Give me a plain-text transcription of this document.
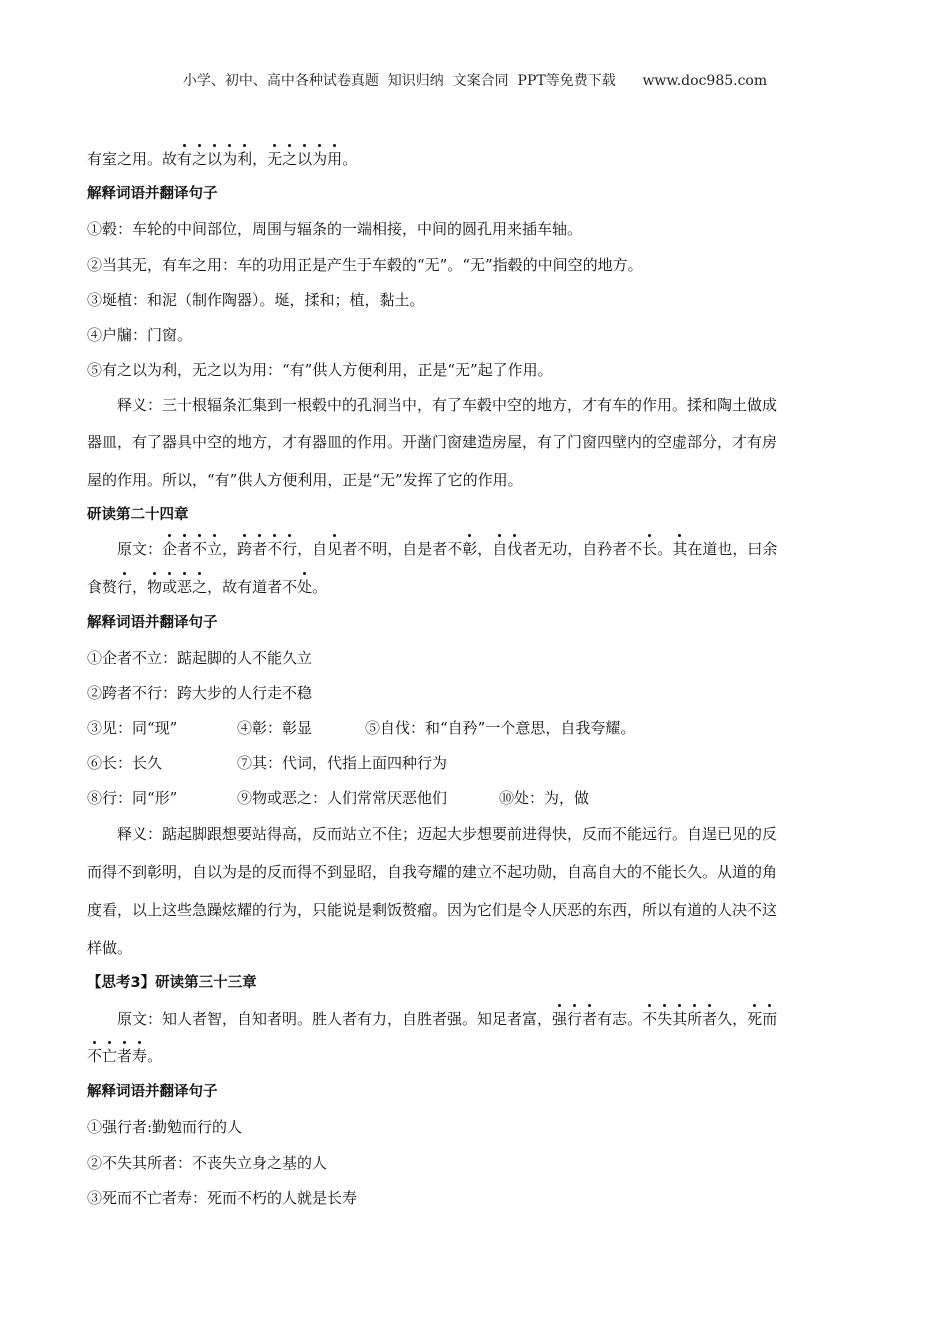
小学、初中、高中各种试卷真题  知识归纳  文案合同  PPT等免费下载      www.doc985.com
有室之用。故有之以为利，无之以为用。
解释词语并翻译句子
①毂：车轮的中间部位，周围与辐条的一端相接，中间的圆孔用来插车轴。
②当其无，有车之用：车的功用正是产生于车毂的“无”。“无”指毂的中间空的地方。
③埏植：和泥（制作陶器）。埏，揉和；植，黏土。
④户牖：门窗。
⑤有之以为利，无之以为用：“有”供人方便利用，正是“无”起了作用。
释义：三十根辐条汇集到一根毂中的孔洞当中，有了车毂中空的地方，才有车的作用。揉和陶土做成
器皿，有了器具中空的地方，才有器皿的作用。开凿门窗建造房屋，有了门窗四壁内的空虚部分，才有房
屋的作用。所以，“有”供人方便利用，正是“无”发挥了它的作用。
研读第二十四章
原文：企者不立，跨者不行，自见者不明，自是者不彰，自伐者无功，自矜者不长。其在道也，曰余
食赘行，物或恶之，故有道者不处。
解释词语并翻译句子
①企者不立：踮起脚的人不能久立
②跨者不行：跨大步的人行走不稳
③见：同“现”	④彰：彰显	⑤自伐：和“自矜”一个意思，自我夸耀。
⑥长：长久	⑦其：代词，代指上面四种行为
⑧行：同“形”	⑨物或恶之：人们常常厌恶他们	⑩处：为，做
释义：踮起脚跟想要站得高，反而站立不住；迈起大步想要前进得快，反而不能远行。自逞已见的反
而得不到彰明，自以为是的反而得不到显昭，自我夸耀的建立不起功勋，自高自大的不能长久。从道的角
度看，以上这些急躁炫耀的行为，只能说是剩饭赘瘤。因为它们是令人厌恶的东西，所以有道的人决不这
样做。
【思考3】研读第三十三章
原文：知人者智，自知者明。胜人者有力，自胜者强。知足者富，强行者有志。不失其所者久，死而
不亡者寿。
解释词语并翻译句子
①强行者:勤勉而行的人
②不失其所者：不丧失立身之基的人
③死而不亡者寿：死而不朽的人就是长寿
